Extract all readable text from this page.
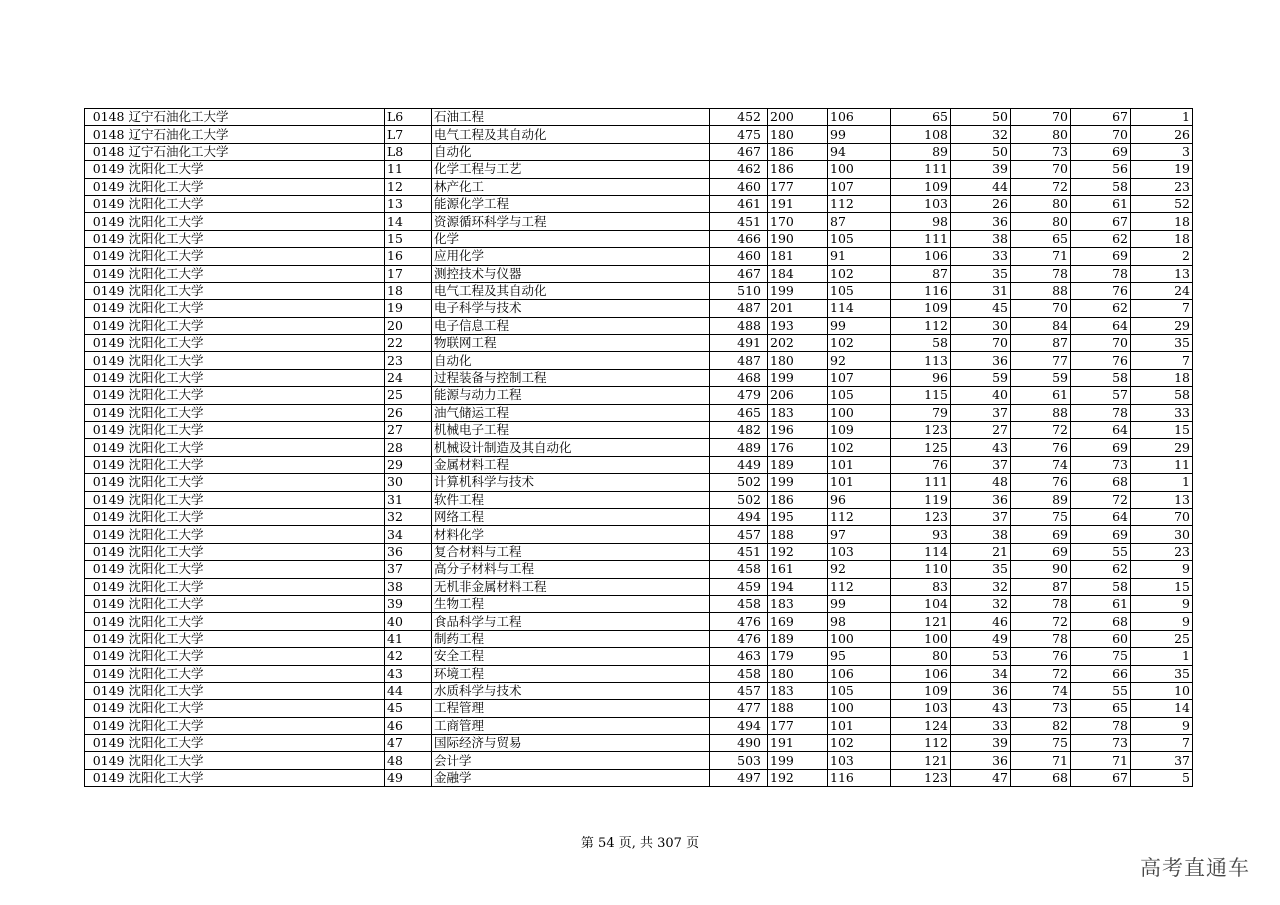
0148	辽宁石油化工大学	L6	石油工程	452	200	106	65	50	70	67	1
0148	辽宁石油化工大学	L7	电气工程及其自动化	475	180	99	108	32	80	70	26
0148	辽宁石油化工大学	L8	自动化	467	186	94	89	50	73	69	3
0149	沈阳化工大学	11	化学工程与工艺	462	186	100	111	39	70	56	19
0149	沈阳化工大学	12	林产化工	460	177	107	109	44	72	58	23
0149	沈阳化工大学	13	能源化学工程	461	191	112	103	26	80	61	52
0149	沈阳化工大学	14	资源循环科学与工程	451	170	87	98	36	80	67	18
0149	沈阳化工大学	15	化学	466	190	105	111	38	65	62	18
0149	沈阳化工大学	16	应用化学	460	181	91	106	33	71	69	2
0149	沈阳化工大学	17	测控技术与仪器	467	184	102	87	35	78	78	13
0149	沈阳化工大学	18	电气工程及其自动化	510	199	105	116	31	88	76	24
0149	沈阳化工大学	19	电子科学与技术	487	201	114	109	45	70	62	7
0149	沈阳化工大学	20	电子信息工程	488	193	99	112	30	84	64	29
0149	沈阳化工大学	22	物联网工程	491	202	102	58	70	87	70	35
0149	沈阳化工大学	23	自动化	487	180	92	113	36	77	76	7
0149	沈阳化工大学	24	过程装备与控制工程	468	199	107	96	59	59	58	18
0149	沈阳化工大学	25	能源与动力工程	479	206	105	115	40	61	57	58
0149	沈阳化工大学	26	油气储运工程	465	183	100	79	37	88	78	33
0149	沈阳化工大学	27	机械电子工程	482	196	109	123	27	72	64	15
0149	沈阳化工大学	28	机械设计制造及其自动化	489	176	102	125	43	76	69	29
0149	沈阳化工大学	29	金属材料工程	449	189	101	76	37	74	73	11
0149	沈阳化工大学	30	计算机科学与技术	502	199	101	111	48	76	68	1
0149	沈阳化工大学	31	软件工程	502	186	96	119	36	89	72	13
0149	沈阳化工大学	32	网络工程	494	195	112	123	37	75	64	70
0149	沈阳化工大学	34	材料化学	457	188	97	93	38	69	69	30
0149	沈阳化工大学	36	复合材料与工程	451	192	103	114	21	69	55	23
0149	沈阳化工大学	37	高分子材料与工程	458	161	92	110	35	90	62	9
0149	沈阳化工大学	38	无机非金属材料工程	459	194	112	83	32	87	58	15
0149	沈阳化工大学	39	生物工程	458	183	99	104	32	78	61	9
0149	沈阳化工大学	40	食品科学与工程	476	169	98	121	46	72	68	9
0149	沈阳化工大学	41	制药工程	476	189	100	100	49	78	60	25
0149	沈阳化工大学	42	安全工程	463	179	95	80	53	76	75	1
0149	沈阳化工大学	43	环境工程	458	180	106	106	34	72	66	35
0149	沈阳化工大学	44	水质科学与技术	457	183	105	109	36	74	55	10
0149	沈阳化工大学	45	工程管理	477	188	100	103	43	73	65	14
0149	沈阳化工大学	46	工商管理	494	177	101	124	33	82	78	9
0149	沈阳化工大学	47	国际经济与贸易	490	191	102	112	39	75	73	7
0149	沈阳化工大学	48	会计学	503	199	103	121	36	71	71	37
0149	沈阳化工大学	49	金融学	497	192	116	123	47	68	67	5
第 54 页, 共 307 页
高考直通车
